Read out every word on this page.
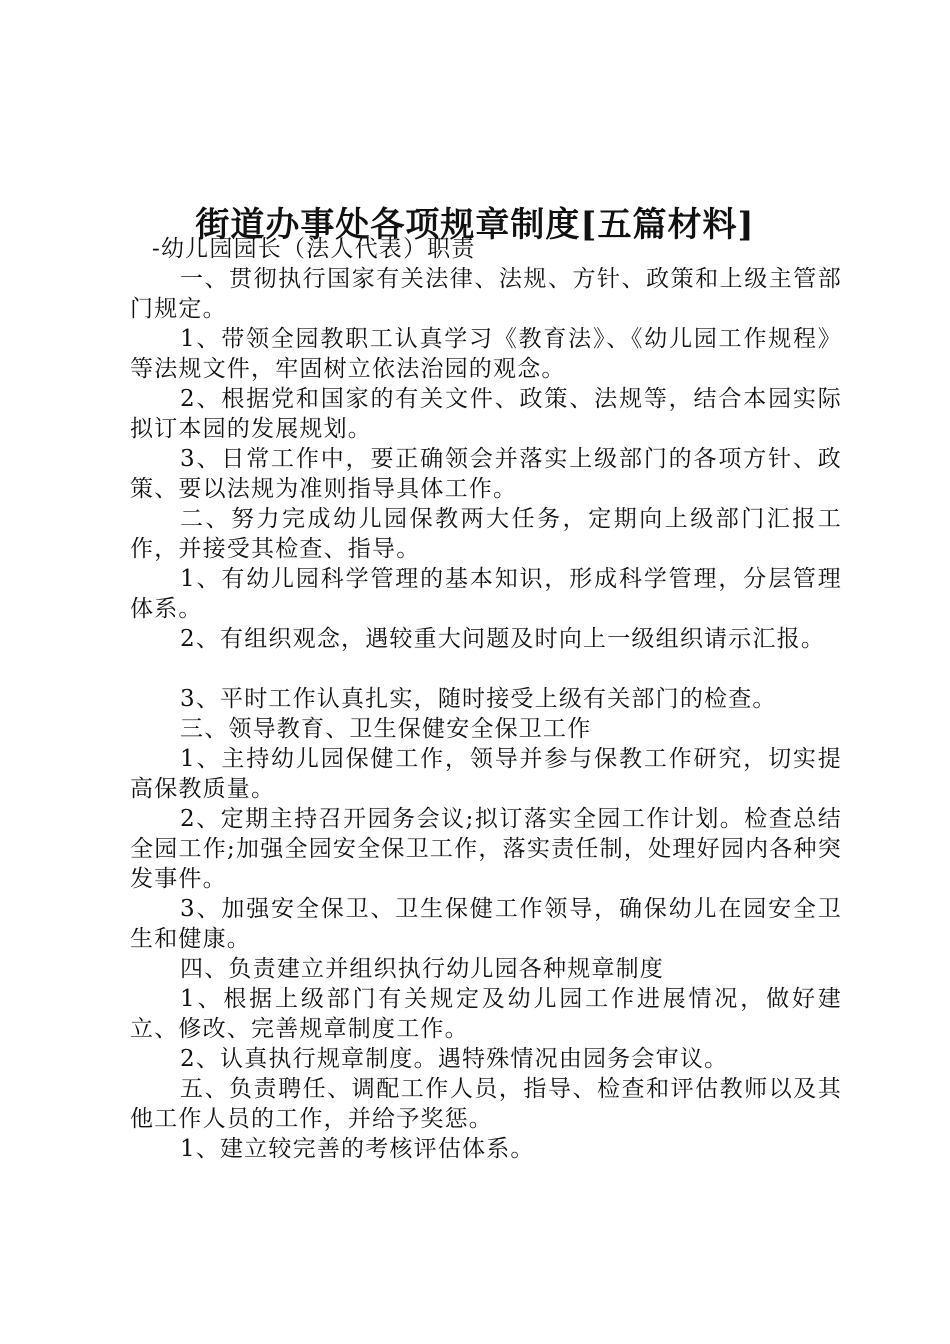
街道办事处各项规章制度[五篇材料]

-幼儿园园长（法人代表）职责

一、贯彻执行国家有关法律、法规、方针、政策和上级主管部门规定。

1、带领全园教职工认真学习《教育法》、《幼儿园工作规程》等法规文件，牢固树立依法治园的观念。

2、根据党和国家的有关文件、政策、法规等，结合本园实际拟订本园的发展规划。

3、日常工作中，要正确领会并落实上级部门的各项方针、政策、要以法规为准则指导具体工作。

二、努力完成幼儿园保教两大任务，定期向上级部门汇报工作，并接受其检查、指导。

1、有幼儿园科学管理的基本知识，形成科学管理，分层管理体系。

2、有组织观念，遇较重大问题及时向上一级组织请示汇报。

3、平时工作认真扎实，随时接受上级有关部门的检查。

三、领导教育、卫生保健安全保卫工作

1、主持幼儿园保健工作，领导并参与保教工作研究，切实提高保教质量。

2、定期主持召开园务会议;拟订落实全园工作计划。检查总结全园工作;加强全园安全保卫工作，落实责任制，处理好园内各种突发事件。

3、加强安全保卫、卫生保健工作领导，确保幼儿在园安全卫生和健康。

四、负责建立并组织执行幼儿园各种规章制度

1、根据上级部门有关规定及幼儿园工作进展情况，做好建立、修改、完善规章制度工作。

2、认真执行规章制度。遇特殊情况由园务会审议。

五、负责聘任、调配工作人员，指导、检查和评估教师以及其他工作人员的工作，并给予奖惩。

1、建立较完善的考核评估体系。
